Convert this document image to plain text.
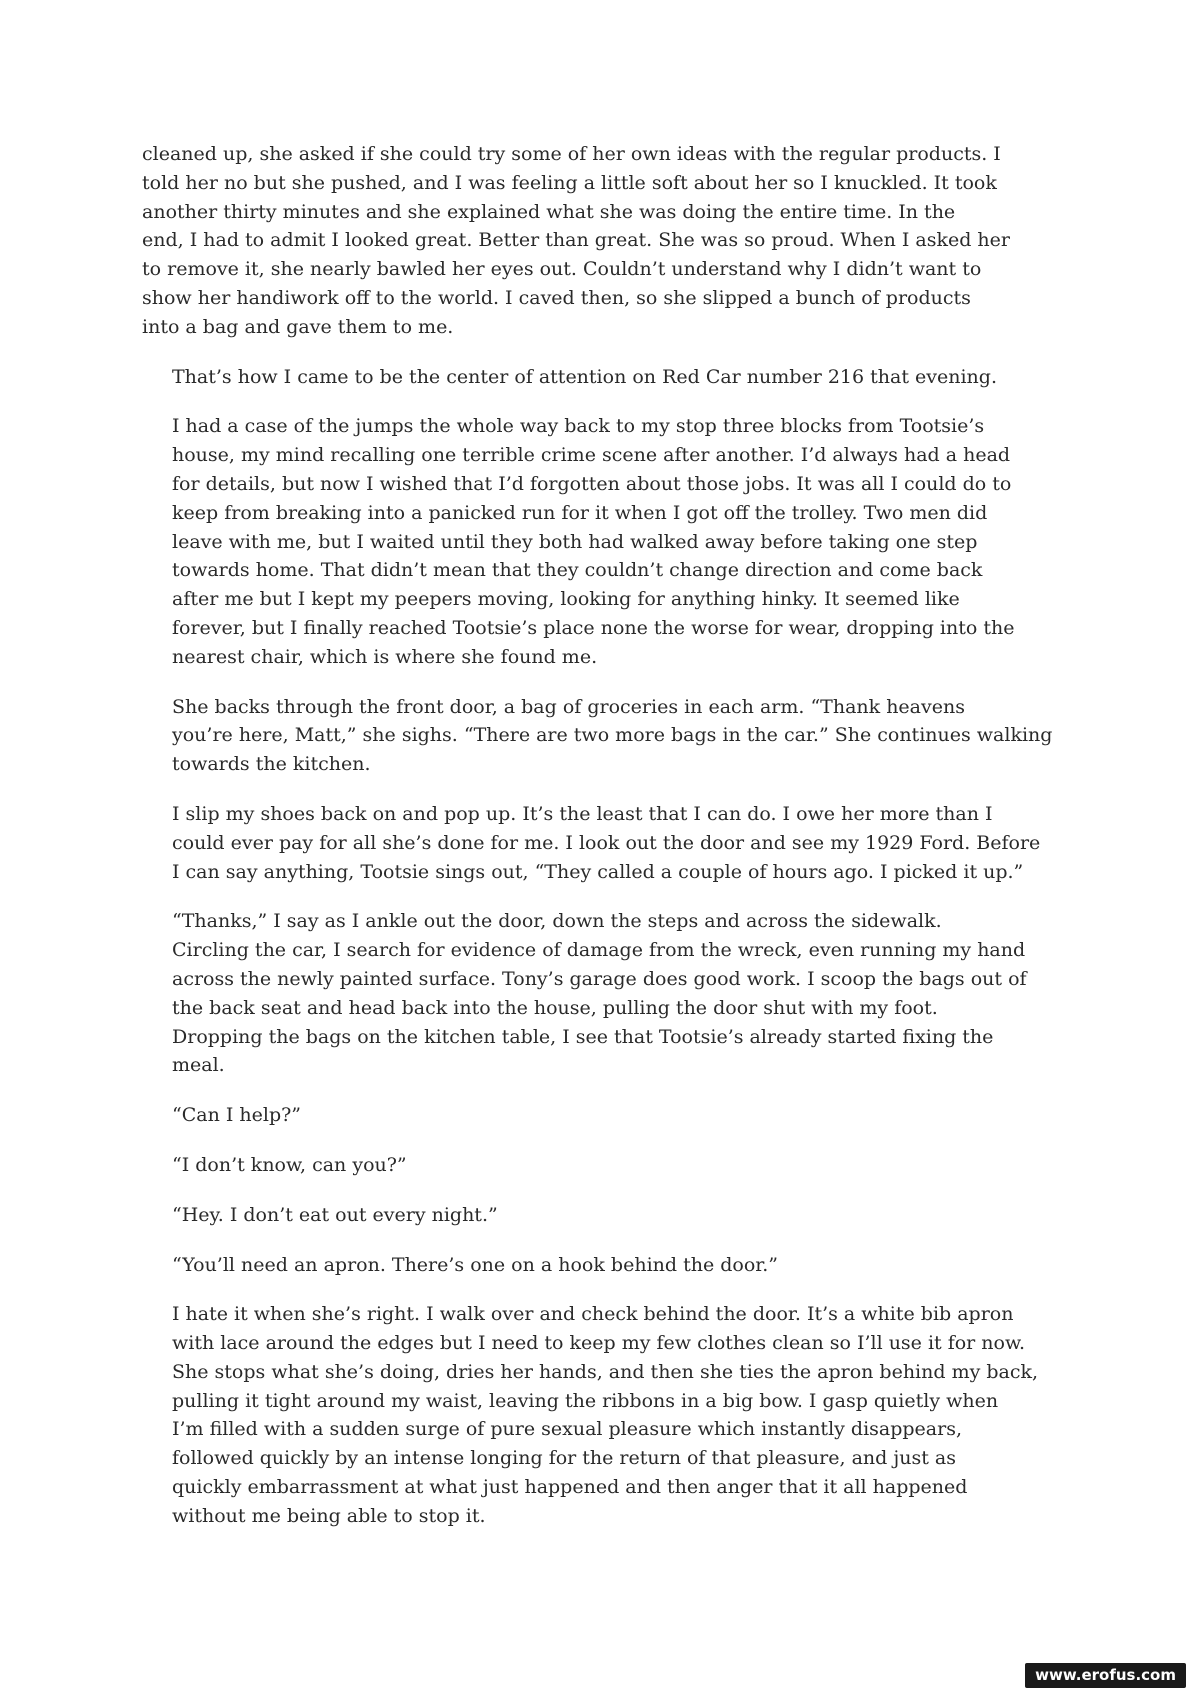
cleaned up, she asked if she could try some of her own ideas with the regular products. I
told her no but she pushed, and I was feeling a little soft about her so I knuckled. It took
another thirty minutes and she explained what she was doing the entire time. In the
end, I had to admit I looked great. Better than great. She was so proud. When I asked her
to remove it, she nearly bawled her eyes out. Couldn’t understand why I didn’t want to
show her handiwork off to the world. I caved then, so she slipped a bunch of products
into a bag and gave them to me.

That’s how I came to be the center of attention on Red Car number 216 that evening.

I had a case of the jumps the whole way back to my stop three blocks from Tootsie’s
house, my mind recalling one terrible crime scene after another. I’d always had a head
for details, but now I wished that I’d forgotten about those jobs. It was all I could do to
keep from breaking into a panicked run for it when I got off the trolley. Two men did
leave with me, but I waited until they both had walked away before taking one step
towards home. That didn’t mean that they couldn’t change direction and come back
after me but I kept my peepers moving, looking for anything hinky. It seemed like
forever, but I finally reached Tootsie’s place none the worse for wear, dropping into the
nearest chair, which is where she found me.

She backs through the front door, a bag of groceries in each arm. “Thank heavens
you’re here, Matt,” she sighs. “There are two more bags in the car.” She continues walking
towards the kitchen.

I slip my shoes back on and pop up. It’s the least that I can do. I owe her more than I
could ever pay for all she’s done for me. I look out the door and see my 1929 Ford. Before
I can say anything, Tootsie sings out, “They called a couple of hours ago. I picked it up.”

“Thanks,” I say as I ankle out the door, down the steps and across the sidewalk.
Circling the car, I search for evidence of damage from the wreck, even running my hand
across the newly painted surface. Tony’s garage does good work. I scoop the bags out of
the back seat and head back into the house, pulling the door shut with my foot.
Dropping the bags on the kitchen table, I see that Tootsie’s already started fixing the
meal.

“Can I help?”

“I don’t know, can you?”

“Hey. I don’t eat out every night.”

“You’ll need an apron. There’s one on a hook behind the door.”

I hate it when she’s right. I walk over and check behind the door. It’s a white bib apron
with lace around the edges but I need to keep my few clothes clean so I’ll use it for now.
She stops what she’s doing, dries her hands, and then she ties the apron behind my back,
pulling it tight around my waist, leaving the ribbons in a big bow. I gasp quietly when
I’m filled with a sudden surge of pure sexual pleasure which instantly disappears,
followed quickly by an intense longing for the return of that pleasure, and just as
quickly embarrassment at what just happened and then anger that it all happened
without me being able to stop it.

www.erofus.com
